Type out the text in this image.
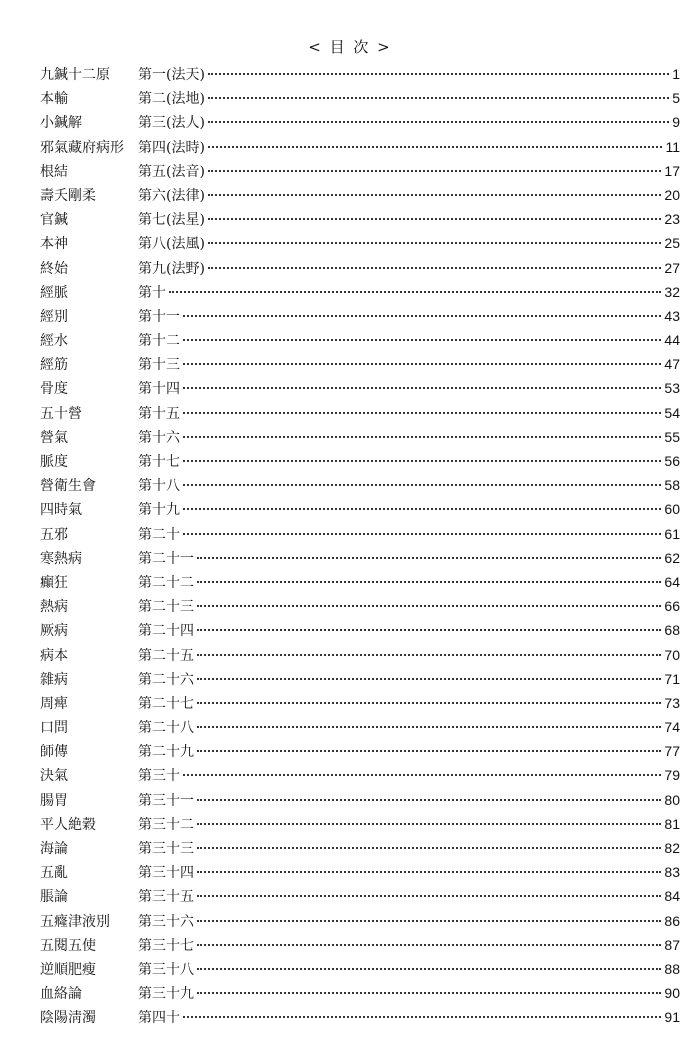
< 目 次 >
九鍼十二原	第一(法天)	1
本輸	第二(法地)	5
小鍼解	第三(法人)	9
邪氣藏府病形	第四(法時)	11
根結	第五(法音)	17
壽夭剛柔	第六(法律)	20
官鍼	第七(法星)	23
本神	第八(法風)	25
終始	第九(法野)	27
經脈	第十	32
經別	第十一	43
經水	第十二	44
經筋	第十三	47
骨度	第十四	53
五十營	第十五	54
營氣	第十六	55
脈度	第十七	56
營衛生會	第十八	58
四時氣	第十九	60
五邪	第二十	61
寒熱病	第二十一	62
癲狂	第二十二	64
熱病	第二十三	66
厥病	第二十四	68
病本	第二十五	70
雜病	第二十六	71
周痺	第二十七	73
口問	第二十八	74
師傳	第二十九	77
決氣	第三十	79
腸胃	第三十一	80
平人絶穀	第三十二	81
海論	第三十三	82
五亂	第三十四	83
脹論	第三十五	84
五癃津液別	第三十六	86
五閱五使	第三十七	87
逆順肥瘦	第三十八	88
血絡論	第三十九	90
陰陽淸濁	第四十	91
